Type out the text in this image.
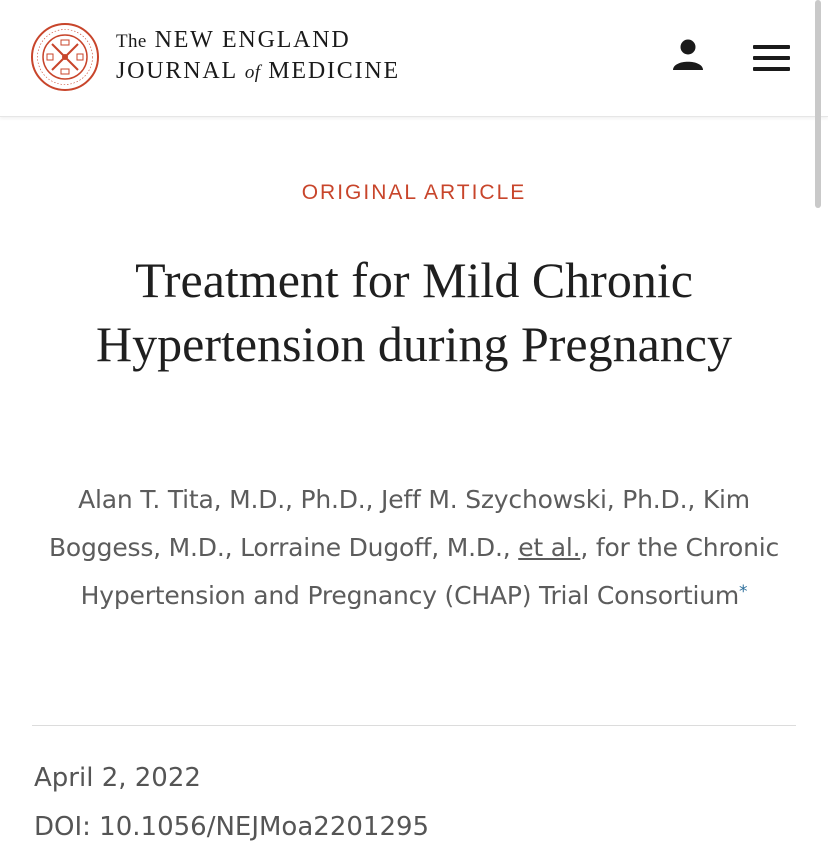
The NEW ENGLAND
JOURNAL of MEDICINE
ORIGINAL ARTICLE
Treatment for Mild Chronic Hypertension during Pregnancy
Alan T. Tita, M.D., Ph.D., Jeff M. Szychowski, Ph.D., Kim Boggess, M.D., Lorraine Dugoff, M.D., et al., for the Chronic Hypertension and Pregnancy (CHAP) Trial Consortium*
April 2, 2022
DOI: 10.1056/NEJMoa2201295
